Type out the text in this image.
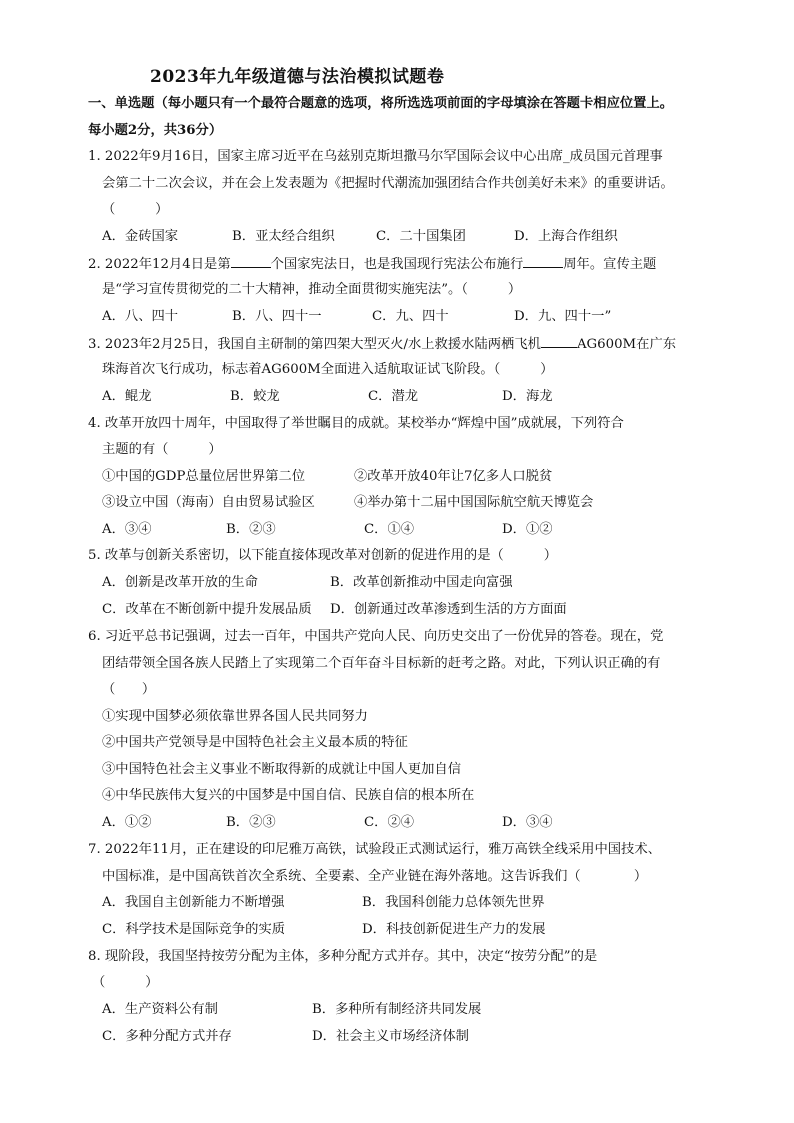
2023年九年级道德与法治模拟试题卷
一、单选题（每小题只有一个最符合题意的选项，将所选选项前面的字母填涂在答题卡相应位置上。
每小题2分，共36分）
1. 2022年9月16日，国家主席习近平在乌兹别克斯坦撒马尔罕国际会议中心出席_成员国元首理事
会第二十二次会议，并在会上发表题为《把握时代潮流加强团结合作共创美好未来》的重要讲话。
（　　　）
A．金砖国家	B．亚太经合组织	C．二十国集团	D．上海合作组织
2. 2022年12月4日是第	个国家宪法日，也是我国现行宪法公布施行	周年。宣传主题
是“学习宣传贯彻党的二十大精神，推动全面贯彻实施宪法”。（　　　）
A．八、四十	B．八、四十一	C．九、四十	D．九、四十一”
3. 2023年2月25日，我国自主研制的第四架大型灭火/水上救援水陆两栖飞机	AG600M在广东
珠海首次飞行成功，标志着AG600M全面进入适航取证试飞阶段。（　　　）
A．鲲龙	B．蛟龙	C．潜龙	D．海龙
4. 改革开放四十周年，中国取得了举世瞩目的成就。某校举办“辉煌中国”成就展，下列符合
主题的有（　　　）
①中国的GDP总量位居世界第二位	②改革开放40年让7亿多人口脱贫
③设立中国（海南）自由贸易试验区	④举办第十二届中国国际航空航天博览会
A．③④	B．②③	C．①④	D．①②
5. 改革与创新关系密切，以下能直接体现改革对创新的促进作用的是（　　　）
A．创新是改革开放的生命	B．改革创新推动中国走向富强
C．改革在不断创新中提升发展品质 D．创新通过改革渗透到生活的方方面面
6. 习近平总书记强调，过去一百年，中国共产党向人民、向历史交出了一份优异的答卷。现在，党
团结带领全国各族人民踏上了实现第二个百年奋斗目标新的赶考之路。对此，下列认识正确的有
（　　）
①实现中国梦必须依靠世界各国人民共同努力
②中国共产党领导是中国特色社会主义最本质的特征
③中国特色社会主义事业不断取得新的成就让中国人更加自信
④中华民族伟大复兴的中国梦是中国自信、民族自信的根本所在
A．①②	B．②③	C．②④	D．③④
7. 2022年11月，正在建设的印尼雅万高铁，试验段正式测试运行，雅万高铁全线采用中国技术、
中国标准，是中国高铁首次全系统、全要素、全产业链在海外落地。这告诉我们（　　　　）
A．我国自主创新能力不断增强	B．我国科创能力总体领先世界
C．科学技术是国际竞争的实质	D．科技创新促进生产力的发展
8. 现阶段，我国坚持按劳分配为主体，多种分配方式并存。其中，决定“按劳分配”的是
（　　　）
A．生产资料公有制	B．多种所有制经济共同发展
C．多种分配方式并存	D．社会主义市场经济体制
